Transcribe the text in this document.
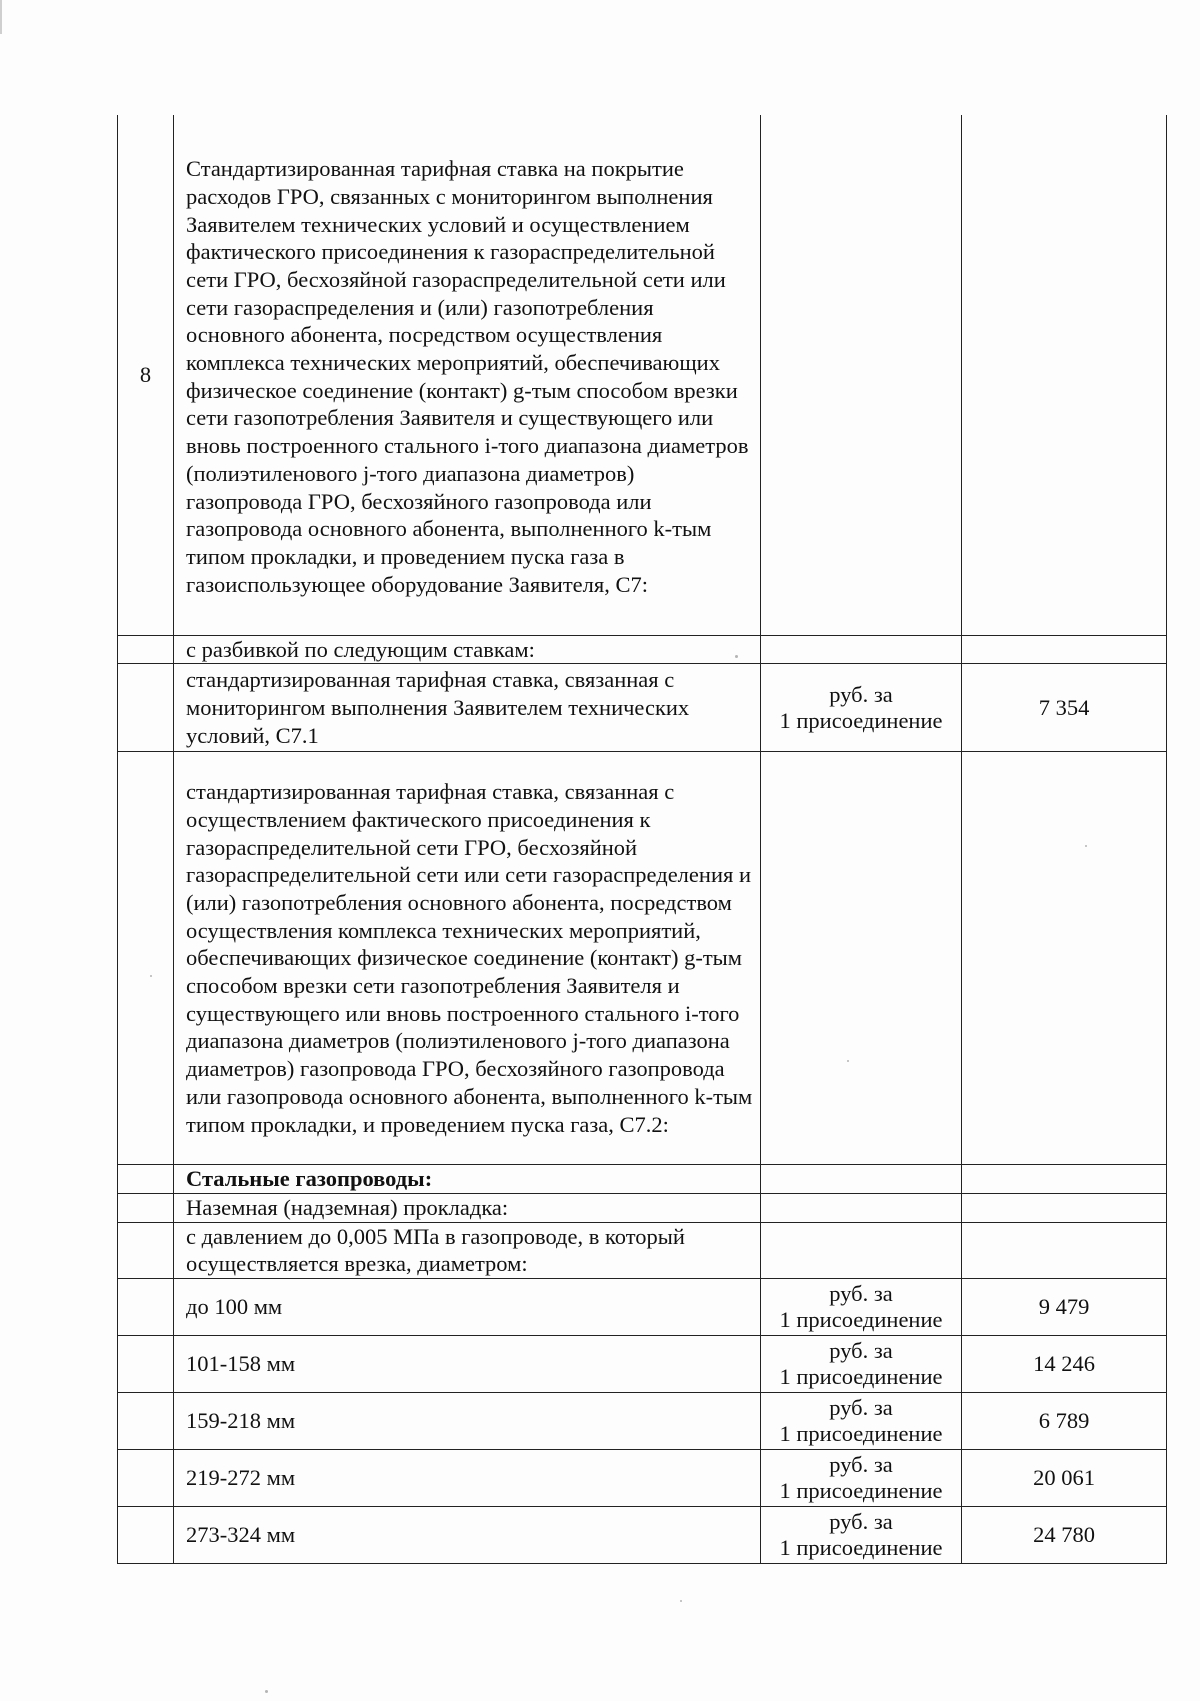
8	Стандартизированная тарифная ставка на покрытие расходов ГРО, связанных с мониторингом выполнения Заявителем технических условий и осуществлением фактического присоединения к газораспределительной сети ГРО, бесхозяйной газораспределительной сети или сети газораспределения и (или) газопотребления основного абонента, посредством осуществления комплекса технических мероприятий, обеспечивающих физическое соединение (контакт) g-тым способом врезки сети газопотребления Заявителя и существующего или вновь построенного стального i-того диапазона диаметров (полиэтиленового j-того диапазона диаметров) газопровода ГРО, бесхозяйного газопровода или газопровода основного абонента, выполненного k-тым типом прокладки, и проведением пуска газа в газоиспользующее оборудование Заявителя, С7:	

	с разбивкой по следующим ставкам:	

	стандартизированная тарифная ставка, связанная с мониторингом выполнения Заявителем технических условий, С7.1	руб. за
1 присоединение	7 354
	стандартизированная тарифная ставка, связанная с осуществлением фактического присоединения к газораспределительной сети ГРО, бесхозяйной газораспределительной сети или сети газораспределения и (или) газопотребления основного абонента, посредством осуществления комплекса технических мероприятий, обеспечивающих физическое соединение (контакт) g-тым способом врезки сети газопотребления Заявителя и существующего или вновь построенного стального i-того диапазона диаметров (полиэтиленового j-того диапазона диаметров) газопровода ГРО, бесхозяйного газопровода или газопровода основного абонента, выполненного k-тым типом прокладки, и проведением пуска газа, С7.2:	

	Стальные газопроводы:	

	Наземная (надземная) прокладка:	

	с давлением до 0,005 МПа в газопроводе, в который осуществляется врезка, диаметром:	

	до 100 мм	руб. за
1 присоединение	9 479
	101-158 мм	руб. за
1 присоединение	14 246
	159-218 мм	руб. за
1 присоединение	6 789
	219-272 мм	руб. за
1 присоединение	20 061
	273-324 мм	руб. за
1 присоединение	24 780
